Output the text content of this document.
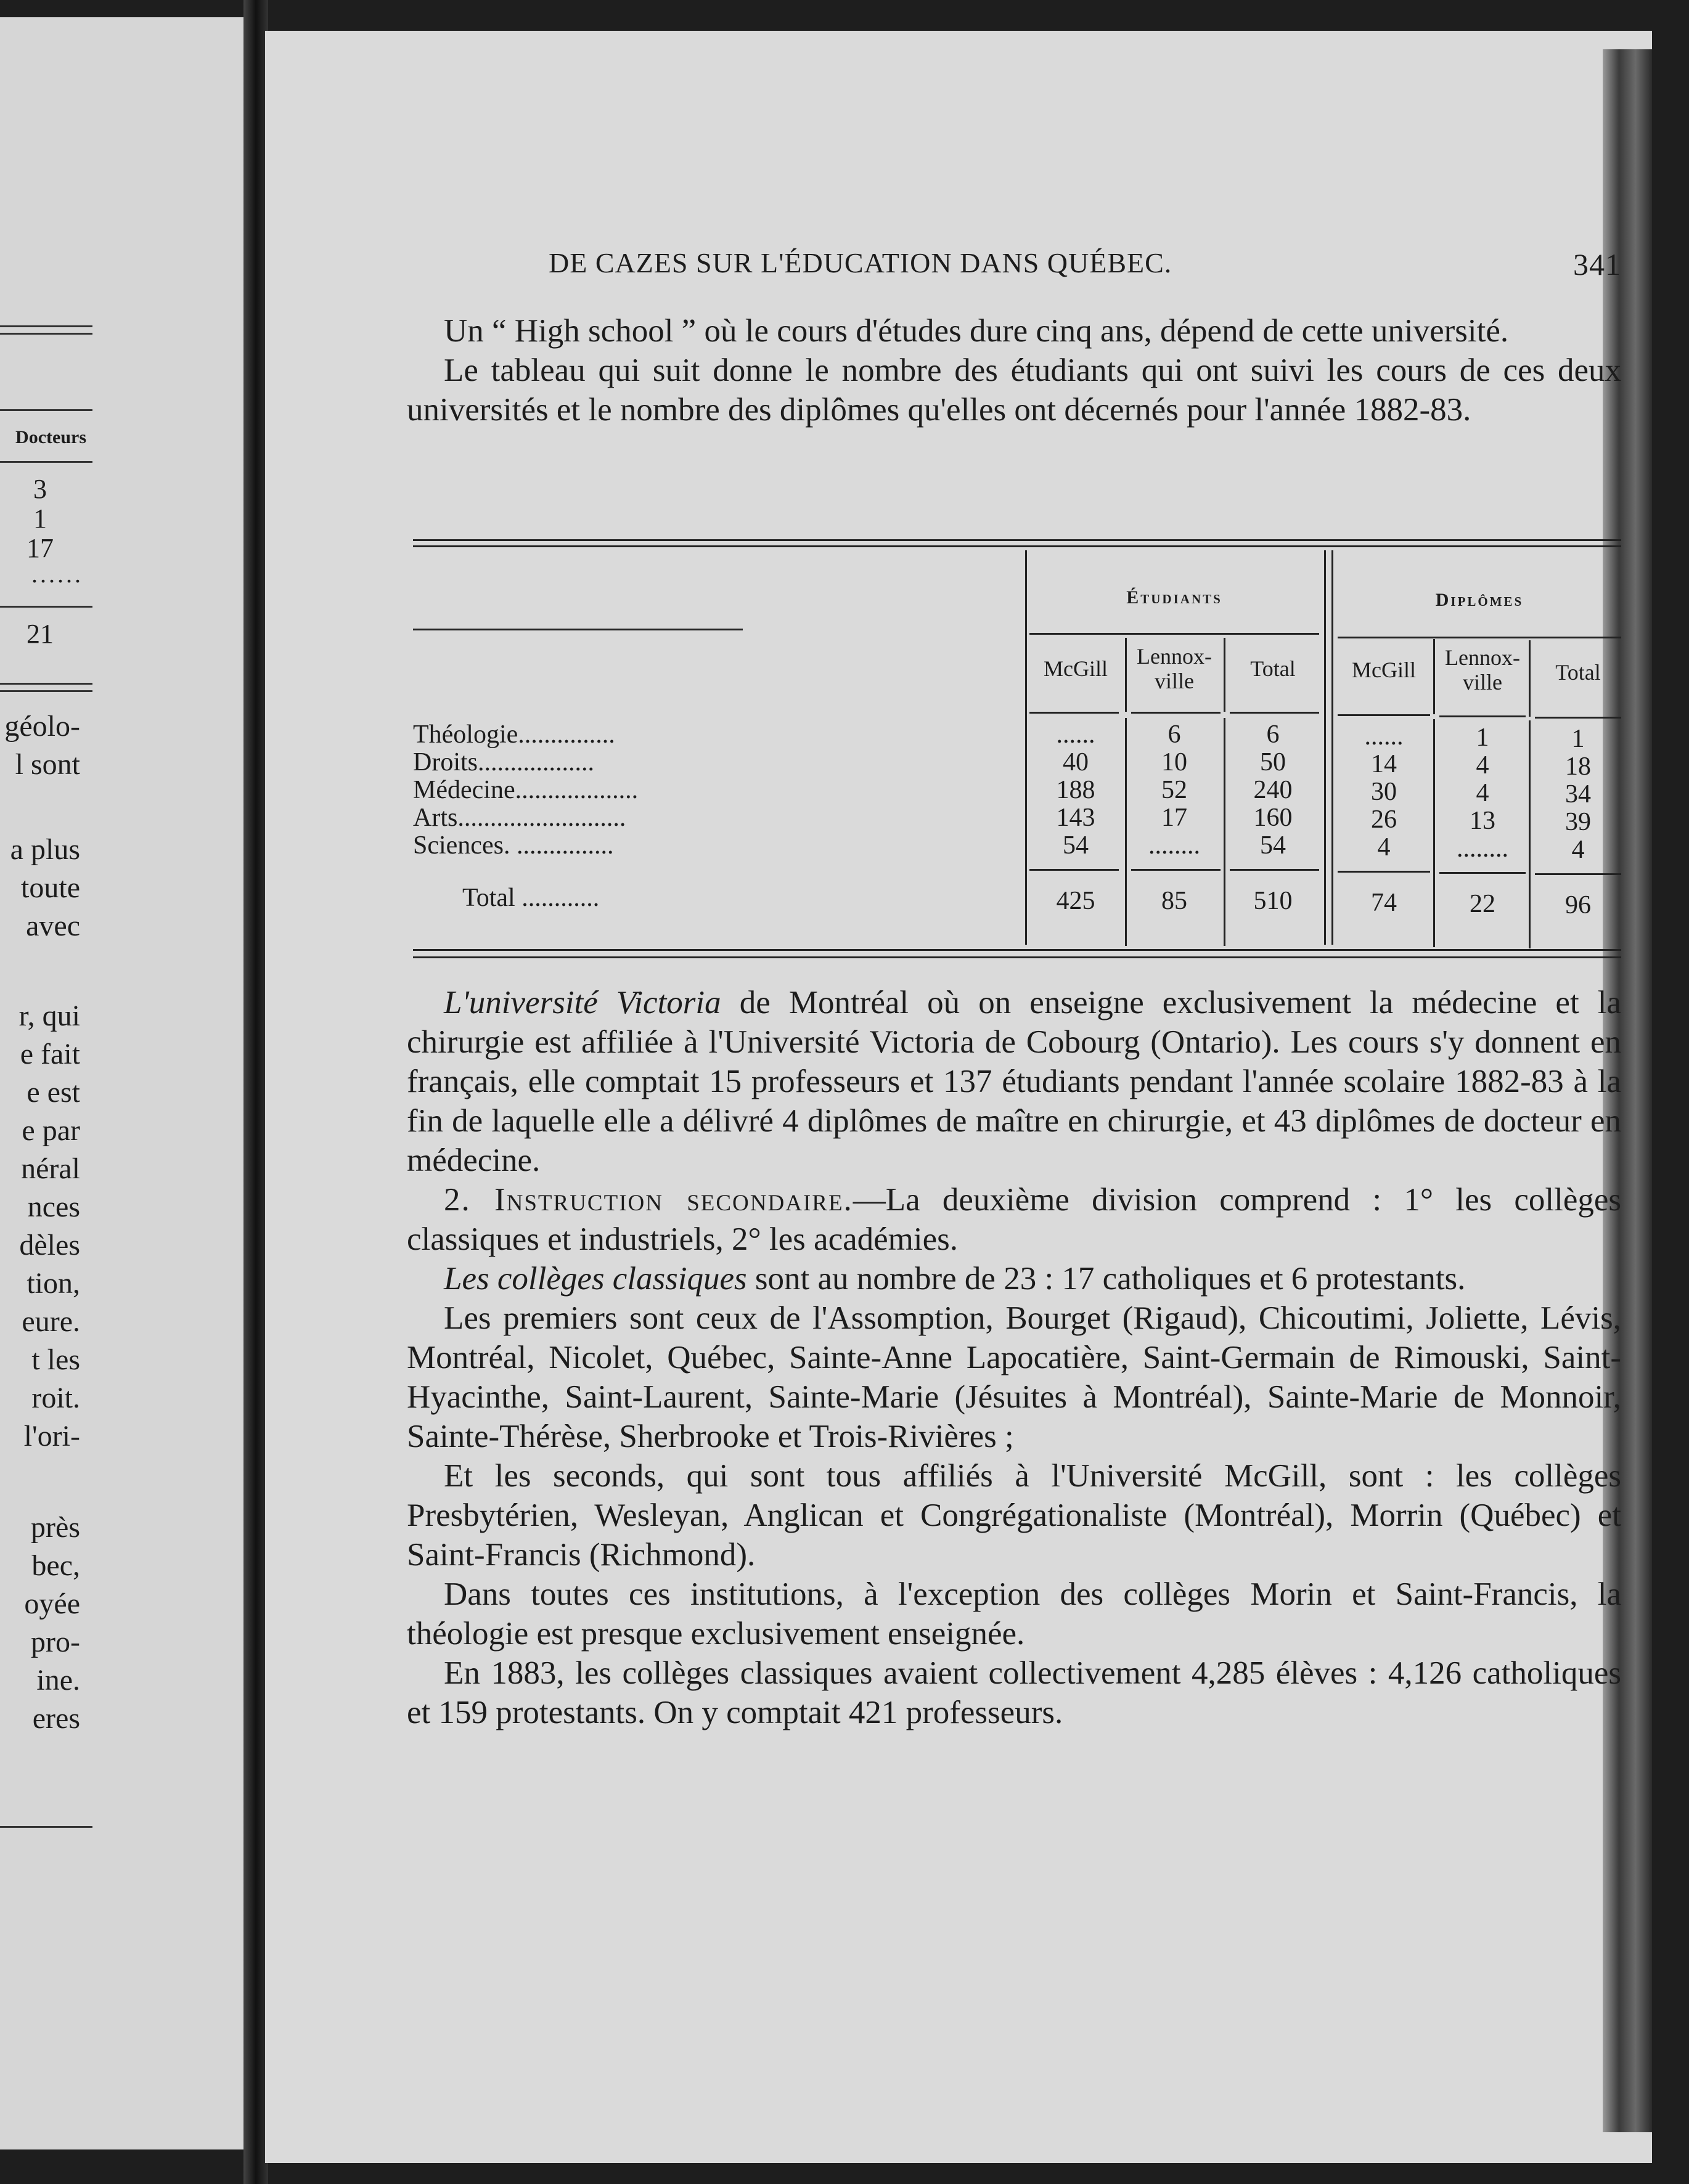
Docteurs
3
1
17
......
21
géolo-
l sont
a plus
toute
avec
r, qui
e fait
e est
e par
néral
nces
dèles
tion,
eure.
t les
roit.
l'ori-
près
bec,
oyée
pro-
ine.
eres
DE CAZES SUR L'ÉDUCATION DANS QUÉBEC.	341

Un “ High school ” où le cours d'études dure cinq ans, dépend de cette université.

Le tableau qui suit donne le nombre des étudiants qui ont suivi les cours de ces deux universités et le nombre des diplômes qu'elles ont décernés pour l'année 1882-83.

Étudiants	Diplômes
McGill	Lennox-ville	Total	McGill	Lennox-ville	Total
Théologie...............	......	6	6	......	1	1
Droits..................	40	10	50	14	4	18
Médecine...................	188	52	240	30	4	34
Arts..........................	143	17	160	26	13	39
Sciences. ...............	54	........	54	4	........	4
Total ............	425	85	510	74	22	96

L'université Victoria de Montréal où on enseigne exclusivement la médecine et la chirurgie est affiliée à l'Université Victoria de Cobourg (Ontario). Les cours s'y donnent en français, elle comptait 15 professeurs et 137 étudiants pendant l'année scolaire 1882-83 à la fin de laquelle elle a délivré 4 diplômes de maître en chirurgie, et 43 diplômes de docteur en médecine.

2. Instruction secondaire.—La deuxième division comprend : 1° les collèges classiques et industriels, 2° les académies.

Les collèges classiques sont au nombre de 23 : 17 catholiques et 6 protestants.

Les premiers sont ceux de l'Assomption, Bourget (Rigaud), Chicoutimi, Joliette, Lévis, Montréal, Nicolet, Québec, Sainte-Anne Lapocatière, Saint-Germain de Rimouski, Saint-Hyacinthe, Saint-Laurent, Sainte-Marie (Jésuites à Montréal), Sainte-Marie de Monnoir, Sainte-Thérèse, Sherbrooke et Trois-Rivières ;

Et les seconds, qui sont tous affiliés à l'Université McGill, sont : les collèges Presbytérien, Wesleyan, Anglican et Congrégationaliste (Montréal), Morrin (Québec) et Saint-Francis (Richmond).

Dans toutes ces institutions, à l'exception des collèges Morin et Saint-Francis, la théologie est presque exclusivement enseignée.

En 1883, les collèges classiques avaient collectivement 4,285 élèves : 4,126 catholiques et 159 protestants. On y comptait 421 professeurs.
